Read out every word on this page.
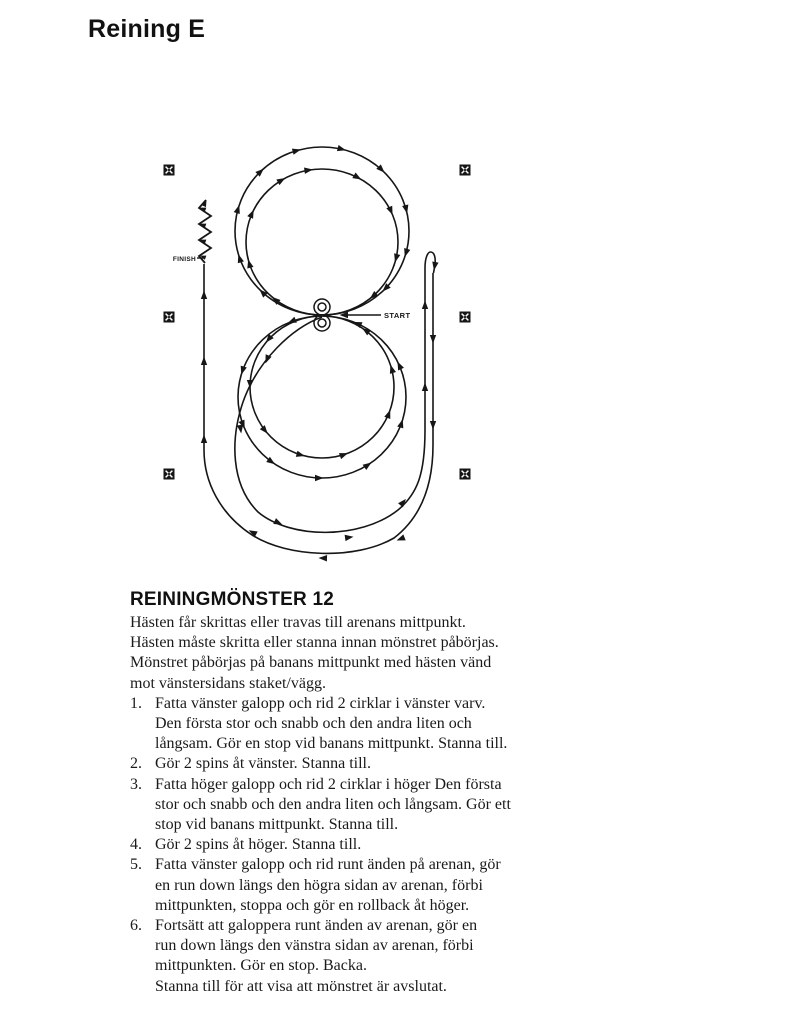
Reining E
START
FINISH
REININGMÖNSTER 12
Hästen får skrittas eller travas till arenans mittpunkt.
Hästen måste skritta eller stanna innan mönstret påbörjas.
Mönstret påbörjas på banans mittpunkt med hästen vänd
mot vänstersidans staket/vägg.
1. Fatta vänster galopp och rid 2 cirklar i vänster varv.
Den första stor och snabb och den andra liten och
långsam. Gör en stop vid banans mittpunkt. Stanna till.
2. Gör 2 spins åt vänster. Stanna till.
3. Fatta höger galopp och rid 2 cirklar i höger Den första
stor och snabb och den andra liten och långsam. Gör ett
stop vid banans mittpunkt. Stanna till.
4. Gör 2 spins åt höger. Stanna till.
5. Fatta vänster galopp och rid runt änden på arenan, gör
en run down längs den högra sidan av arenan, förbi
mittpunkten, stoppa och gör en rollback åt höger.
6. Fortsätt att galoppera runt änden av arenan, gör en
run down längs den vänstra sidan av arenan, förbi
mittpunkten. Gör en stop. Backa.
Stanna till för att visa att mönstret är avslutat.
